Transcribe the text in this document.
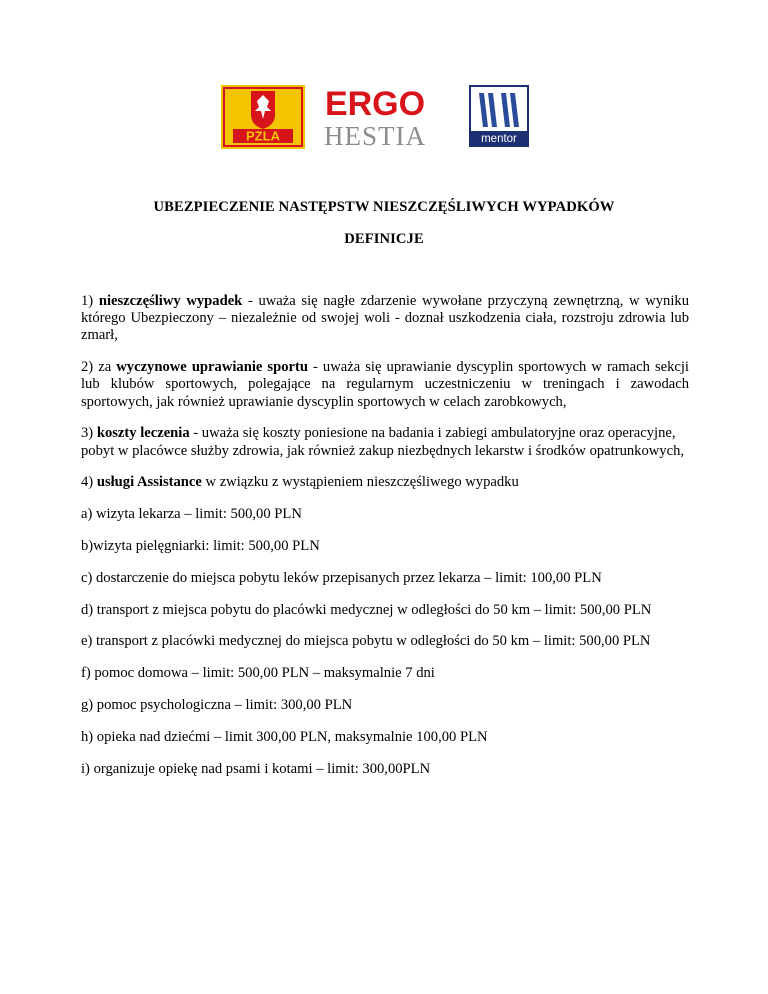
PZLA
ERGO
HESTIA	mentor
UBEZPIECZENIE NASTĘPSTW NIESZCZĘŚLIWYCH WYPADKÓW
DEFINICJE

1) nieszczęśliwy wypadek - uważa się nagłe zdarzenie wywołane przyczyną zewnętrzną, w wyniku którego Ubezpieczony – niezależnie od swojej woli - doznał uszkodzenia ciała, rozstroju zdrowia lub zmarł,

2) za wyczynowe uprawianie sportu - uważa się uprawianie dyscyplin sportowych w ramach sekcji lub klubów sportowych, polegające na regularnym uczestniczeniu w treningach i zawodach sportowych, jak również uprawianie dyscyplin sportowych w celach zarobkowych,

3) koszty leczenia - uważa się koszty poniesione na badania i zabiegi ambulatoryjne oraz operacyjne, pobyt w placówce służby zdrowia, jak również zakup niezbędnych lekarstw i środków opatrunkowych,

4) usługi Assistance w związku z wystąpieniem nieszczęśliwego wypadku

a) wizyta lekarza – limit: 500,00 PLN

b)wizyta pielęgniarki: limit: 500,00 PLN

c) dostarczenie do miejsca pobytu leków przepisanych przez lekarza – limit: 100,00 PLN

d) transport z miejsca pobytu do placówki medycznej w odległości do 50 km – limit: 500,00 PLN

e) transport z placówki medycznej do miejsca pobytu w odległości do 50 km – limit: 500,00 PLN

f) pomoc domowa – limit: 500,00 PLN – maksymalnie 7 dni

g) pomoc psychologiczna – limit: 300,00 PLN

h) opieka nad dziećmi – limit 300,00 PLN, maksymalnie 100,00 PLN

i) organizuje opiekę nad psami i kotami – limit: 300,00PLN
